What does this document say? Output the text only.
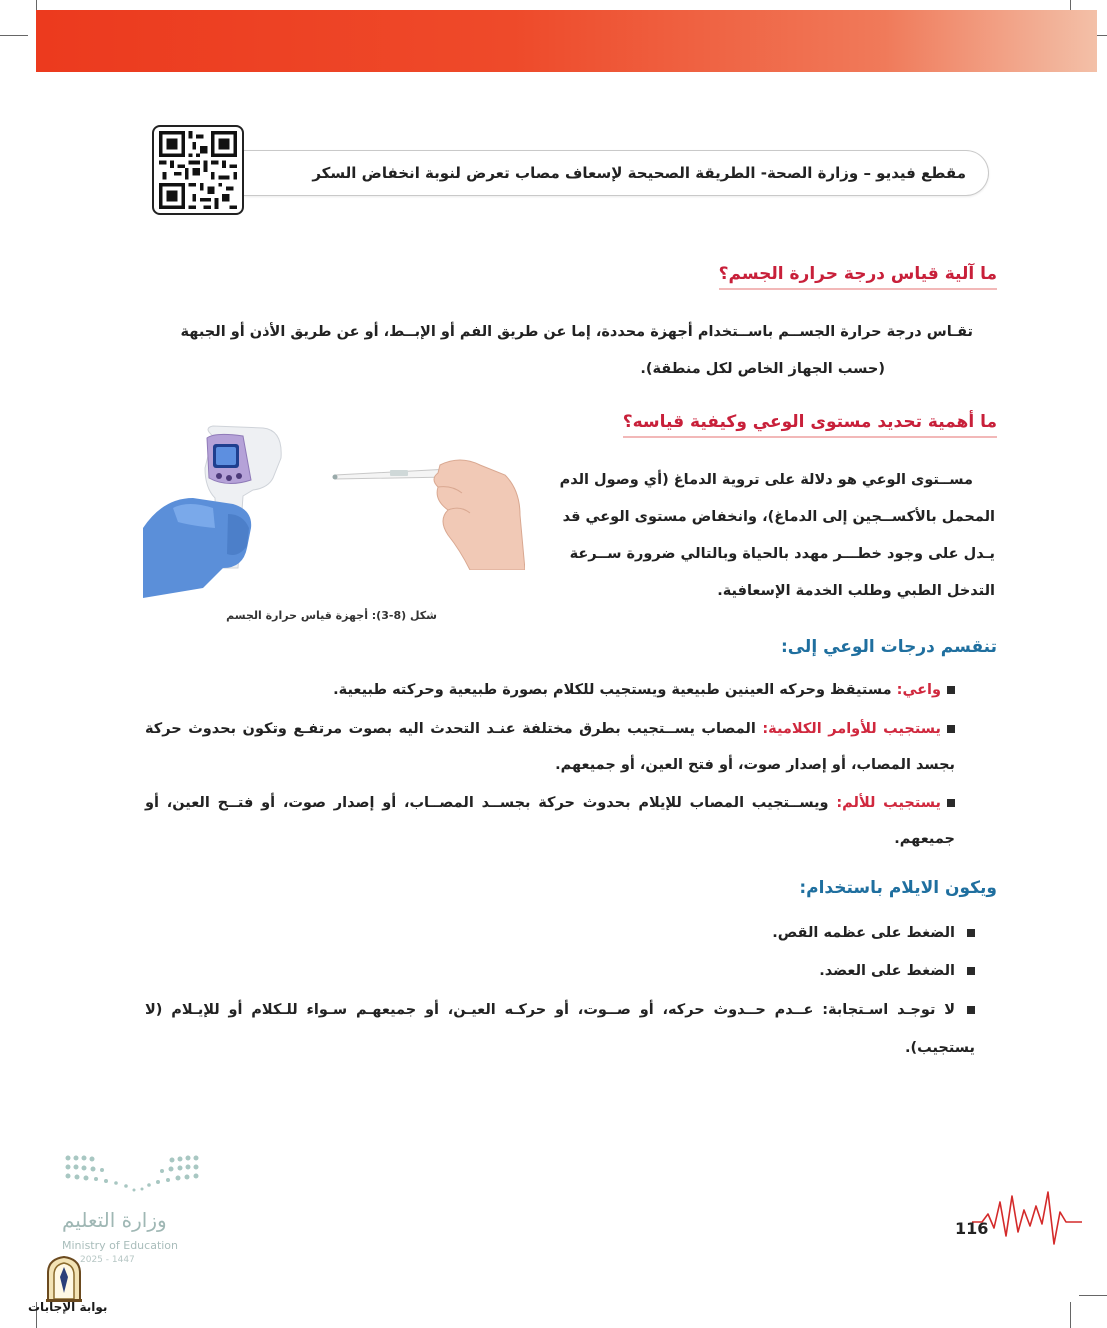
مقطع فيديو – وزارة الصحة- الطريقة الصحيحة لإسعاف مصاب تعرض لنوبة انخفاض السكر
ما آلية قياس درجة حرارة الجسم؟

تقـاس درجة حرارة الجســم باســتخدام أجهزة محددة، إما عن طريق الفم أو الإبــط، أو عن طريق الأذن أو الجبهة

(حسب الجهاز الخاص لكل منطقة).

ما أهمية تحديد مستوى الوعي وكيفية قياسه؟

مســتوى الوعي هو دلالة على تروية الدماغ (أي وصول الدم

المحمل بالأكســجين إلى الدماغ)، وانخفاض مستوى الوعي قد

يـدل على وجود خطـــر مهدد بالحياة وبالتالي ضرورة ســرعة

التدخل الطبي وطلب الخدمة الإسعافية.

شكل (8-3): أجهزة قياس حرارة الجسم
تنقسم درجات الوعي إلى:
واعي: مستيقظ وحركه العينين طبيعية ويستجيب للكلام بصورة طبيعية وحركته طبيعية.
يستجيب للأوامر الكلامية: المصاب يســتجيب بطرق مختلفة عنـد التحدث اليه بصوت مرتفـع وتكون بحدوث حركة بجسد المصاب، أو إصدار صوت، أو فتح العين، أو جميعهم.
يستجيب للألم: ويســتجيب المصاب للإيلام بحدوث حركة بجســد المصــاب، أو إصدار صوت، أو فتــح العين، أو جميعهم.
ويكون الايلام باستخدام:
الضغط على عظمه القص.
الضغط على العضد.
لا توجـد اسـتجابة: عــدم حــدوث حركه، أو صــوت، أو حركـه العيـن، أو جميعهـم سـواء للـكلام أو للإيـلام (لا يستجيب).
وزارة التعليم
Ministry of Education
2025 - 1447
بوابة الإجابات
116
